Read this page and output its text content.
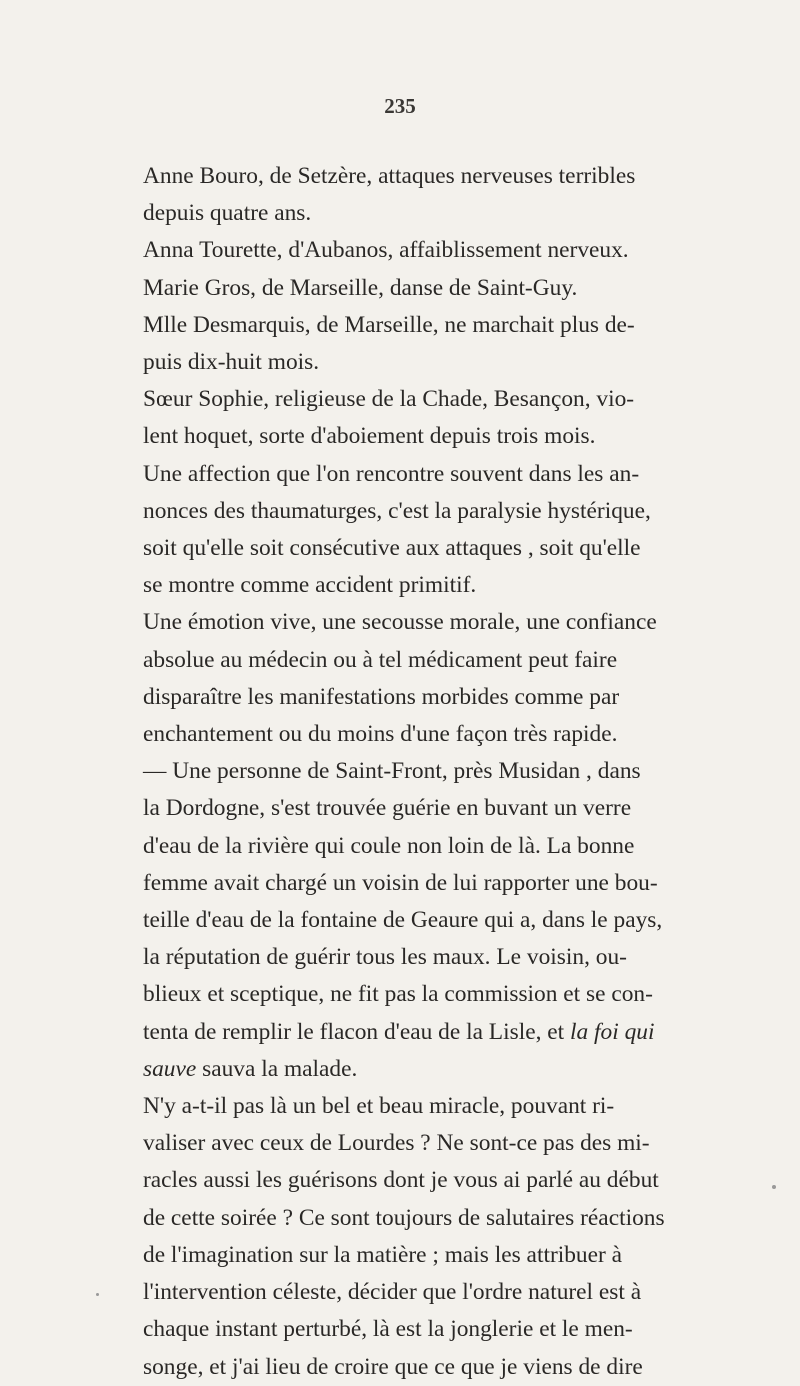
235
Anne Bouro, de Setzère, attaques nerveuses terribles
depuis quatre ans.
Anna Tourette, d'Aubanos, affaiblissement nerveux.
Marie Gros, de Marseille, danse de Saint-Guy.
Mlle Desmarquis, de Marseille, ne marchait plus de-
puis dix-huit mois.
Sœur Sophie, religieuse de la Chade, Besançon, vio-
lent hoquet, sorte d'aboiement depuis trois mois.
Une affection que l'on rencontre souvent dans les an-
nonces des thaumaturges, c'est la paralysie hystérique,
soit qu'elle soit consécutive aux attaques , soit qu'elle
se montre comme accident primitif.
Une émotion vive, une secousse morale, une confiance
absolue au médecin ou à tel médicament peut faire
disparaître les manifestations morbides comme par
enchantement ou du moins d'une façon très rapide.
— Une personne de Saint-Front, près Musidan , dans
la Dordogne, s'est trouvée guérie en buvant un verre
d'eau de la rivière qui coule non loin de là. La bonne
femme avait chargé un voisin de lui rapporter une bou-
teille d'eau de la fontaine de Geaure qui a, dans le pays,
la réputation de guérir tous les maux. Le voisin, ou-
blieux et sceptique, ne fit pas la commission et se con-
tenta de remplir le flacon d'eau de la Lisle, et la foi qui
sauve sauva la malade.
N'y a-t-il pas là un bel et beau miracle, pouvant ri-
valiser avec ceux de Lourdes ? Ne sont-ce pas des mi-
racles aussi les guérisons dont je vous ai parlé au début
de cette soirée ? Ce sont toujours de salutaires réactions
de l'imagination sur la matière ; mais les attribuer à
l'intervention céleste, décider que l'ordre naturel est à
chaque instant perturbé, là est la jonglerie et le men-
songe, et j'ai lieu de croire que ce que je viens de dire
